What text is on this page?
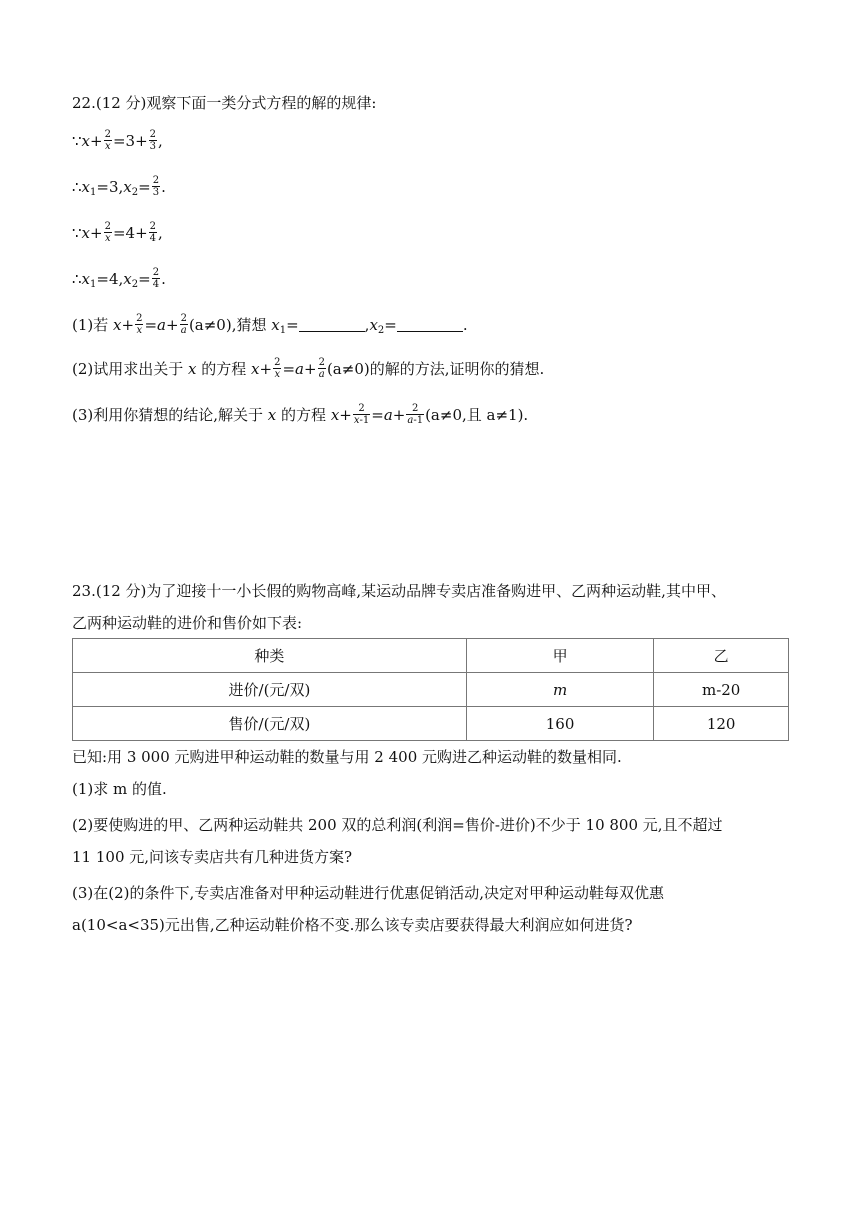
22.(12 分)观察下面一类分式方程的解的规律:
∵x+ $\frac{2}{x} =3+ \frac{2}{3}$ ,
$\therefore x_1=3,x_2= \frac{2}{3}$ .
∵x+ $\frac{2}{x} =4+ \frac{2}{4}$ ,
$\therefore x_1=4,x_2= \frac{2}{4}$ .
(1)若 $x+ \frac{2}{x} =a+ \frac{2}{a} (a\ne 0)$,猜想 $x_1=$	$,x_2=$	.
(2)试用求出关于 x 的方程 $x+ \frac{2}{x} =a+ \frac{2}{a} (a\ne 0)$的解的方法,证明你的猜想.
(3)利用你猜想的结论,解关于 x 的方程 $x+ \frac{2}{x-1} =a+ \frac{2}{a-1} (a\ne 0$,且 a≠1).
23.(12 分)为了迎接十一小长假的购物高峰,某运动品牌专卖店准备购进甲、乙两种运动鞋,其中甲、
乙两种运动鞋的进价和售价如下表:
种类	甲	乙
进价/(元/双)	m	m-20
售价/(元/双)	160	120
已知:用 3 000 元购进甲种运动鞋的数量与用 2 400 元购进乙种运动鞋的数量相同.
(1)求 m 的值.
(2)要使购进的甲、乙两种运动鞋共 200 双的总利润(利润=售价-进价)不少于 10 800 元,且不超过
11 100 元,问该专卖店共有几种进货方案?
(3)在(2)的条件下,专卖店准备对甲种运动鞋进行优惠促销活动,决定对甲种运动鞋每双优惠
a(10<a<35)元出售,乙种运动鞋价格不变.那么该专卖店要获得最大利润应如何进货?
